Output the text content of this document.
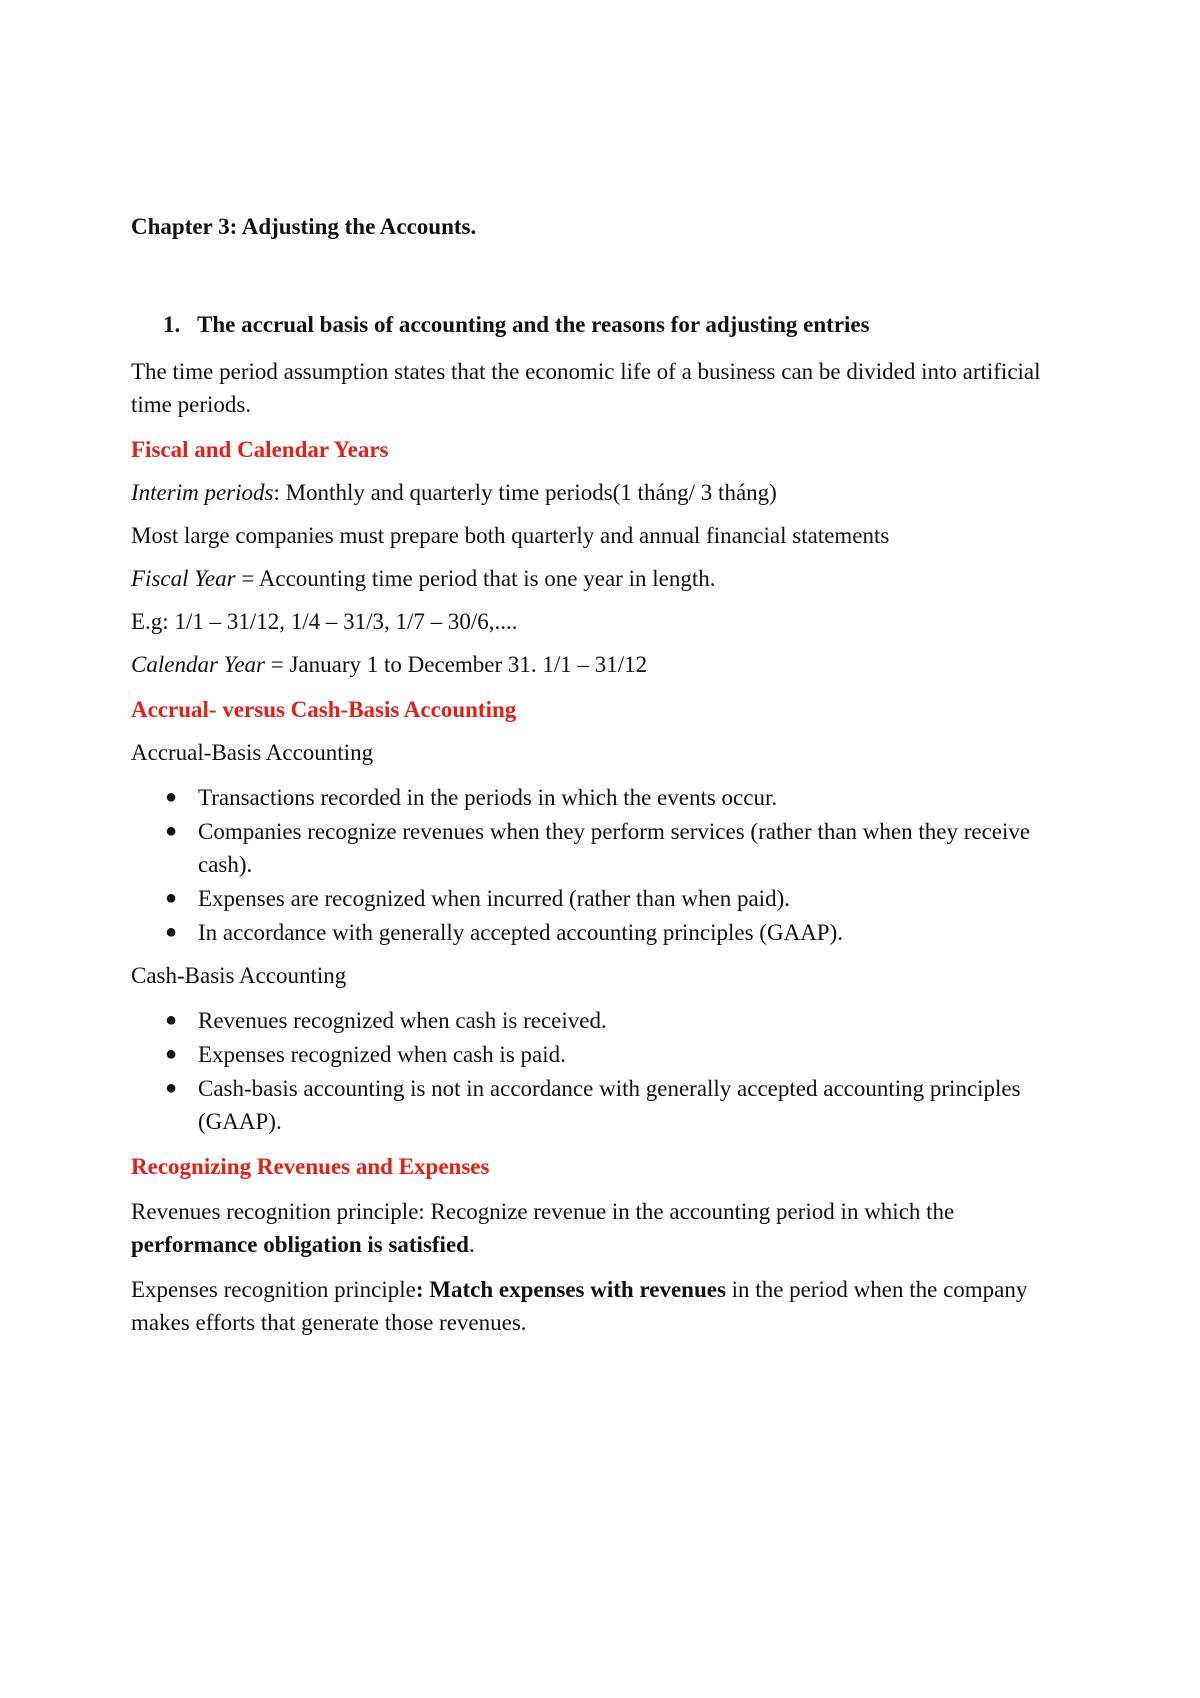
Chapter 3: Adjusting the Accounts.

1. The accrual basis of accounting and the reasons for adjusting entries

The time period assumption states that the economic life of a business can be divided into artificial time periods.

Fiscal and Calendar Years

Interim periods: Monthly and quarterly time periods(1 tháng/ 3 tháng)

Most large companies must prepare both quarterly and annual financial statements

Fiscal Year = Accounting time period that is one year in length.

E.g: 1/1 – 31/12, 1/4 – 31/3, 1/7 – 30/6,....

Calendar Year = January 1 to December 31. 1/1 – 31/12

Accrual- versus Cash-Basis Accounting

Accrual-Basis Accounting

● Transactions recorded in the periods in which the events occur.
● Companies recognize revenues when they perform services (rather than when they receive cash).
● Expenses are recognized when incurred (rather than when paid).
● In accordance with generally accepted accounting principles (GAAP).

Cash-Basis Accounting

● Revenues recognized when cash is received.
● Expenses recognized when cash is paid.
● Cash-basis accounting is not in accordance with generally accepted accounting principles (GAAP).

Recognizing Revenues and Expenses

Revenues recognition principle: Recognize revenue in the accounting period in which the performance obligation is satisfied.

Expenses recognition principle: Match expenses with revenues in the period when the company makes efforts that generate those revenues.
